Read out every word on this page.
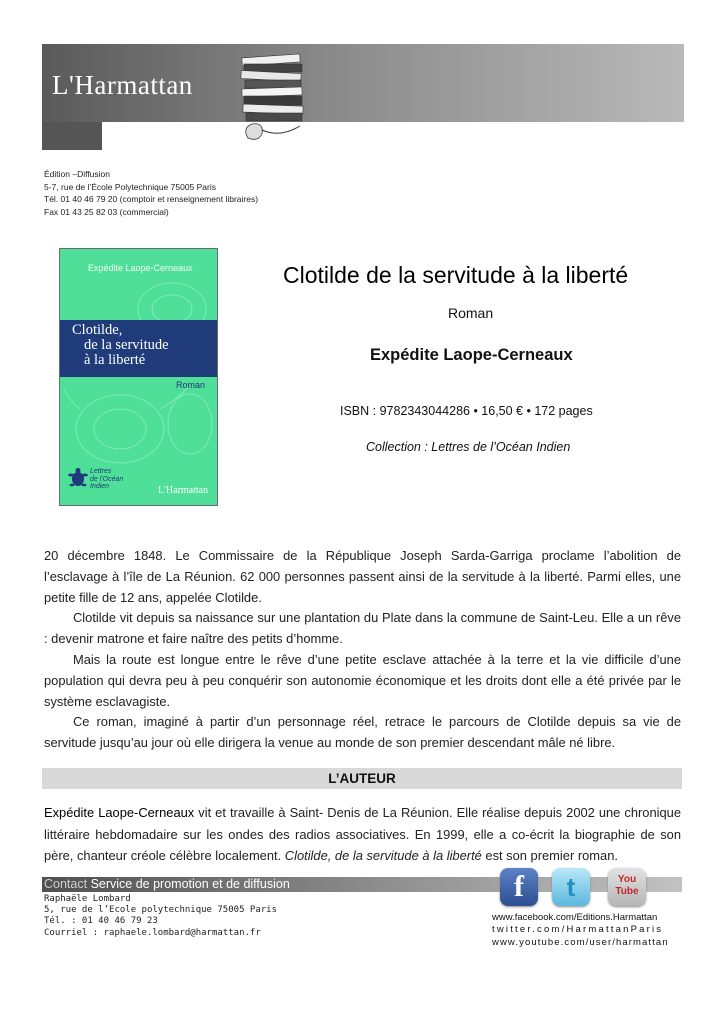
L'Harmattan
Édition –Diffusion
5-7, rue de l’École Polytechnique 75005 Paris
Tél. 01 40 46 79 20 (comptoir et renseignement libraires)
Fax 01 43 25 82 03 (commercial)
Expédite Laope-Cerneaux
Clotilde,
de la servitude
à la liberté
Roman
Lettres
de l'Océan
Indien	L'Harmattan
Clotilde de la servitude à la liberté
Roman
Expédite Laope-Cerneaux
ISBN : 9782343044286 • 16,50 € • 172 pages
Collection : Lettres de l’Océan Indien

20 décembre 1848. Le Commissaire de la République Joseph Sarda-Garriga proclame l’abolition de l’esclavage à l’île de La Réunion. 62 000 personnes passent ainsi de la servitude à la liberté. Parmi elles, une petite fille de 12 ans, appelée Clotilde.

Clotilde vit depuis sa naissance sur une plantation du Plate dans la commune de Saint-Leu. Elle a un rêve : devenir matrone et faire naître des petits d’homme.

Mais la route est longue entre le rêve d’une petite esclave attachée à la terre et la vie difficile d’une population qui devra peu à peu conquérir son autonomie économique et les droits dont elle a été privée par le système esclavagiste.

Ce roman, imaginé à partir d’un personnage réel, retrace le parcours de Clotilde depuis sa vie de servitude jusqu’au jour où elle dirigera la venue au monde de son premier descendant mâle né libre.

L’AUTEUR
Expédite Laope-Cerneaux vit et travaille à Saint- Denis de La Réunion. Elle réalise depuis 2002 une chronique littéraire hebdomadaire sur les ondes des radios associatives. En 1999, elle a co-écrit la biographie de son père, chanteur créole célèbre localement. Clotilde, de la servitude à la liberté est son premier roman.
Contact Service de promotion et de diffusion
Raphaële Lombard
5, rue de l’Ecole polytechnique 75005 Paris
Tél. : 01 40 46 79 23
Courriel : raphaele.lombard@harmattan.fr
f	t	You Tube
www.facebook.com/Editions.Harmattan
twitter.com/HarmattanParis
www.youtube.com/user/harmattan
